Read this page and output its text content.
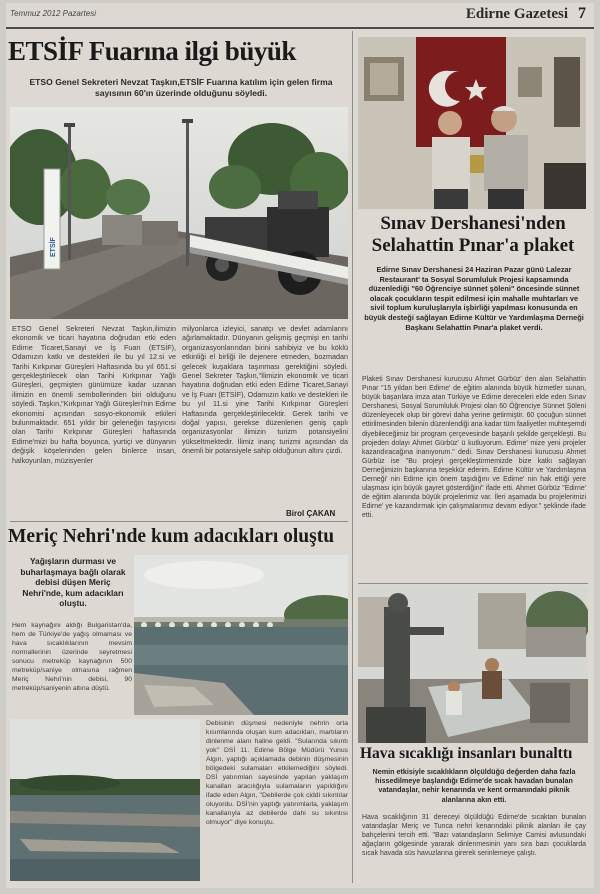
Temmuz 2012 Pazartesi	Edirne Gazetesi 7
ETSİF Fuarına ilgi büyük
ETSO Genel Sekreteri Nevzat Taşkın,ETSİF Fuarına katılım için gelen firma sayısının 60'ın üzerinde olduğunu söyledi.
ETSİF
ETSO Genel Sekreteri Nevzat Taşkın,ilimizin ekonomik ve ticari hayatına doğrudan etki eden Edirne Ticaret,Sanayi ve İş Fuarı (ETSİF), Odamızın katkı ve destekleri ile bu yıl 12.si ve Tarihi Kırkpınar Güreşleri Haftasında bu yıl 651.si gerçekleştirilecek olan Tarihi Kırkpınar Yağlı Güreşleri, geçmişten günümüze kadar uzanan ilimizin en önemli sembollerinden biri olduğunu söyledi. Taşkın,"Kırkpınar Yağlı Güreşleri'nin Edirne ekonomisi açısından sosyo-ekonomik etkileri bulunmaktadır. 651 yıldır bir geleneğin taşıyıcısı olan Tarihi Kırkpınar Güreşleri haftasında Edirne'mizi bu hafta boyunca, yurtiçi ve dünyanın değişik köşelerinden gelen binlerce insan, halkoyunları, müzisyenler
milyonlarca izleyici, sanatçı ve devlet adamlarını ağırlamaktadır. Dünyanın gelişmiş geçmişi en tarihi organizasyonlarından birini sahibiyiz ve bu köklü etkinliği el birliği ile dejenere etmeden, bozmadan gelecek kuşaklara taşınması gerektiğini söyledi. Genel Sekreter Taşkın,"İlimizin ekonomik ve ticari hayatına doğrudan etki eden Edirne Ticaret,Sanayi ve İş Fuarı (ETSİF), Odamızın katkı ve destekleri ile bu yıl 11.si yine Tarihi Kırkpınar Güreşleri Haftasında gerçekleştirilecektir. Gerek tarihi ve doğal yapısı, gerekse düzenlenen geniş çaplı organizasyonlar ilimizin turizm potansiyelini yükseltmektedir. İlimiz inanç turizmi açısından da önemli bir potansiyele sahip olduğunun altını çizdi.
Birol ÇAKAN
Meriç Nehri'nde kum adacıkları oluştu
Yağışların durması ve buharlaşmaya bağlı olarak debisi düşen Meriç Nehri'nde, kum adacıkları oluştu.
Hem kaynağını aldığı Bulgaristan'da, hem de Türkiye'de yağış olmaması ve hava sıcaklıklarının mevsim normallerinin üzerinde seyretmesi sonucu metreküp kaynağının 500 metreküp/saniye olmasına rağmen Meriç Nehri'nin debisi, 90 metreküp/saniyenin altına düştü.
Debisinin düşmesi nedeniyle nehrin orta kısımlarında oluşan kum adacıkları, martıların dinlenme alanı haline geldi. "Sularında sıkıntı yok" DSİ 11. Edirne Bölge Müdürü Yunus Algın, yaptığı açıklamada debinin düşmesinin bölgedeki sulamaları etkilemediğini söyledi. DSİ yatırımları sayesinde yapılan yaklaşım kanalları aracılığıyla sulamaların yapıldığını ifade eden Algın, "Debilerde çok ciddi sıkıntılar oluyordu. DSİ'nin yaptığı yatırımlarla, yaklaşım kanallarıyla az debilerde dahi su sıkıntısı olmuyor" diye konuştu.
Sınav Dershanesi'nden Selahattin Pınar'a plaket
Edirne Sınav Dershanesi 24 Haziran Pazar günü Lalezar Restaurant' ta Sosyal Sorumluluk Projesi kapsamında düzenlediği "60 Öğrenciye sünnet şöleni" öncesinde sünnet olacak çocukların tespit edilmesi için mahalle muhtarları ve sivil toplum kuruluşlarıyla işbirliği yapılması konusunda en büyük desteği sağlayan Edirne Kültür ve Yardımlaşma Derneği Başkanı Selahattin Pınar'a plaket verdi.
Plaketi Sınav Dershanesi kurucusu Ahmet Gürbüz' den alan Selahattin Pınar "15 yıldan beri Edirne' de eğitim alanında büyük hizmetler sunan, büyük başarılara imza atan Türkiye ve Edirne dereceleri elde eden Sınav Dershanesi, Sosyal Sorumluluk Projesi olan 60 Öğrenciye Sünnet Şöleni düzenleyecek olup bir görevi daha yerine getirmiştir. 60 çocuğun sünnet ettirilmesinden bilenin düzenlendiği ana kadar tüm faaliyetler muhteşemdi diyebileceğimiz bir program çerçevesinde başarılı şekilde gerçekleşti. Bu projeden dolayı Ahmet Gürbüz' ü kutluyorum. Edirne' mize yeni projeler kazandıracağına inanıyorum." dedi. Sınav Dershanesi kurucusu Ahmet Gürbüz ise "Bu projeyi gerçekleştirmemizde bize katkı sağlayan Derneğimizin başkanına teşekkür ederim. Edirne Kültür ve Yardımlaşma Derneği' nin Edirne için önem taşıdığını ve Edirne' nin hak ettiği yere ulaşması için büyük gayret gösterdiğini" ifade etti. Ahmet Gürbüz "Edirne' de eğitim alanında büyük projelerimiz var. İleri aşamada bu projelerimizi Edirne' ye kazandırmak için çalışmalarımız devam ediyor." şeklinde ifade etti.
Hava sıcaklığı insanları bunalttı
Nemin etkisiyle sıcaklıkların ölçüldüğü değerden daha fazla hissedilmeye başlandığı Edirne'de sıcak havadan bunalan vatandaşlar, nehir kenarında ve kent ormanındaki piknik alanlarına akın etti.
Hava sıcaklığının 31 dereceyi ölçüldüğü Edirne'de sıcaktan bunalan vatandaşlar Meriç ve Tunca nehri kenarındaki piknik alanları ile çay bahçelerini tercih etti. "Bazı vatandaşların Selimiye Camisi avlusundaki ağaçların gölgesinde yararak dinlenmesinin yanı sıra bazı çocuklarda sıcak havada süs havuzlarına girerek serinlemeye çalıştı.
